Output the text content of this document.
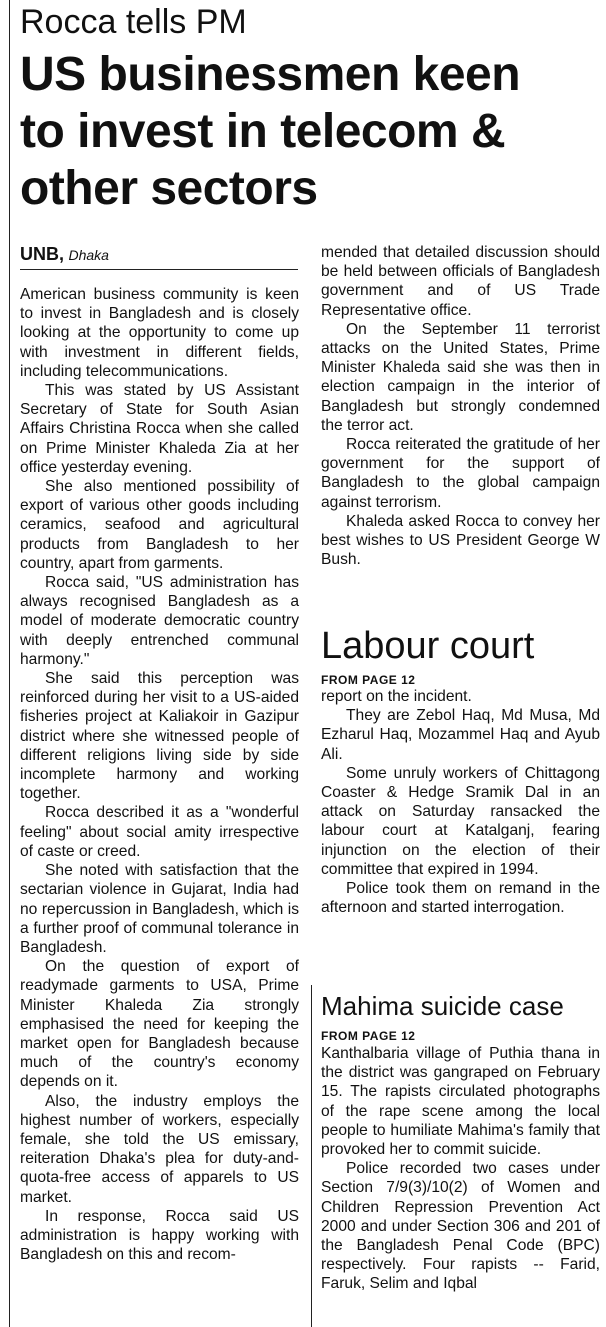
Rocca tells PM
US businessmen keen
to invest in telecom &
other sectors
UNB, Dhaka

American business community is keen to invest in Bangladesh and is closely looking at the opportunity to come up with investment in different fields, including telecommunications.

This was stated by US Assistant Secretary of State for South Asian Affairs Christina Rocca when she called on Prime Minister Khaleda Zia at her office yesterday evening.

She also mentioned possibility of export of various other goods including ceramics, seafood and agricultural products from Bangladesh to her country, apart from garments.

Rocca said, "US administration has always recognised Bangladesh as a model of moderate democratic country with deeply entrenched communal harmony."

She said this perception was reinforced during her visit to a US-aided fisheries project at Kaliakoir in Gazipur district where she witnessed people of different religions living side by side incomplete harmony and working together.

Rocca described it as a "wonderful feeling" about social amity irrespective of caste or creed.

She noted with satisfaction that the sectarian violence in Gujarat, India had no repercussion in Bangladesh, which is a further proof of communal tolerance in Bangladesh.

On the question of export of readymade garments to USA, Prime Minister Khaleda Zia strongly emphasised the need for keeping the market open for Bangladesh because much of the country's economy depends on it.

Also, the industry employs the highest number of workers, especially female, she told the US emissary, reiteration Dhaka's plea for duty-and-quota-free access of apparels to US market.

In response, Rocca said US administration is happy working with Bangladesh on this and recom-

mended that detailed discussion should be held between officials of Bangladesh government and of US Trade Representative office.

On the September 11 terrorist attacks on the United States, Prime Minister Khaleda said she was then in election campaign in the interior of Bangladesh but strongly condemned the terror act.

Rocca reiterated the gratitude of her government for the support of Bangladesh to the global campaign against terrorism.

Khaleda asked Rocca to convey her best wishes to US President George W Bush.

Labour court
FROM PAGE 12

report on the incident.

They are Zebol Haq, Md Musa, Md Ezharul Haq, Mozammel Haq and Ayub Ali.

Some unruly workers of Chittagong Coaster & Hedge Sramik Dal in an attack on Saturday ransacked the labour court at Katalganj, fearing injunction on the election of their committee that expired in 1994.

Police took them on remand in the afternoon and started interrogation.

Mahima suicide case
FROM PAGE 12

Kanthalbaria village of Puthia thana in the district was gangraped on February 15. The rapists circulated photographs of the rape scene among the local people to humiliate Mahima's family that provoked her to commit suicide.

Police recorded two cases under Section 7/9(3)/10(2) of Women and Children Repression Prevention Act 2000 and under Section 306 and 201 of the Bangladesh Penal Code (BPC) respectively. Four rapists -- Farid, Faruk, Selim and Iqbal
